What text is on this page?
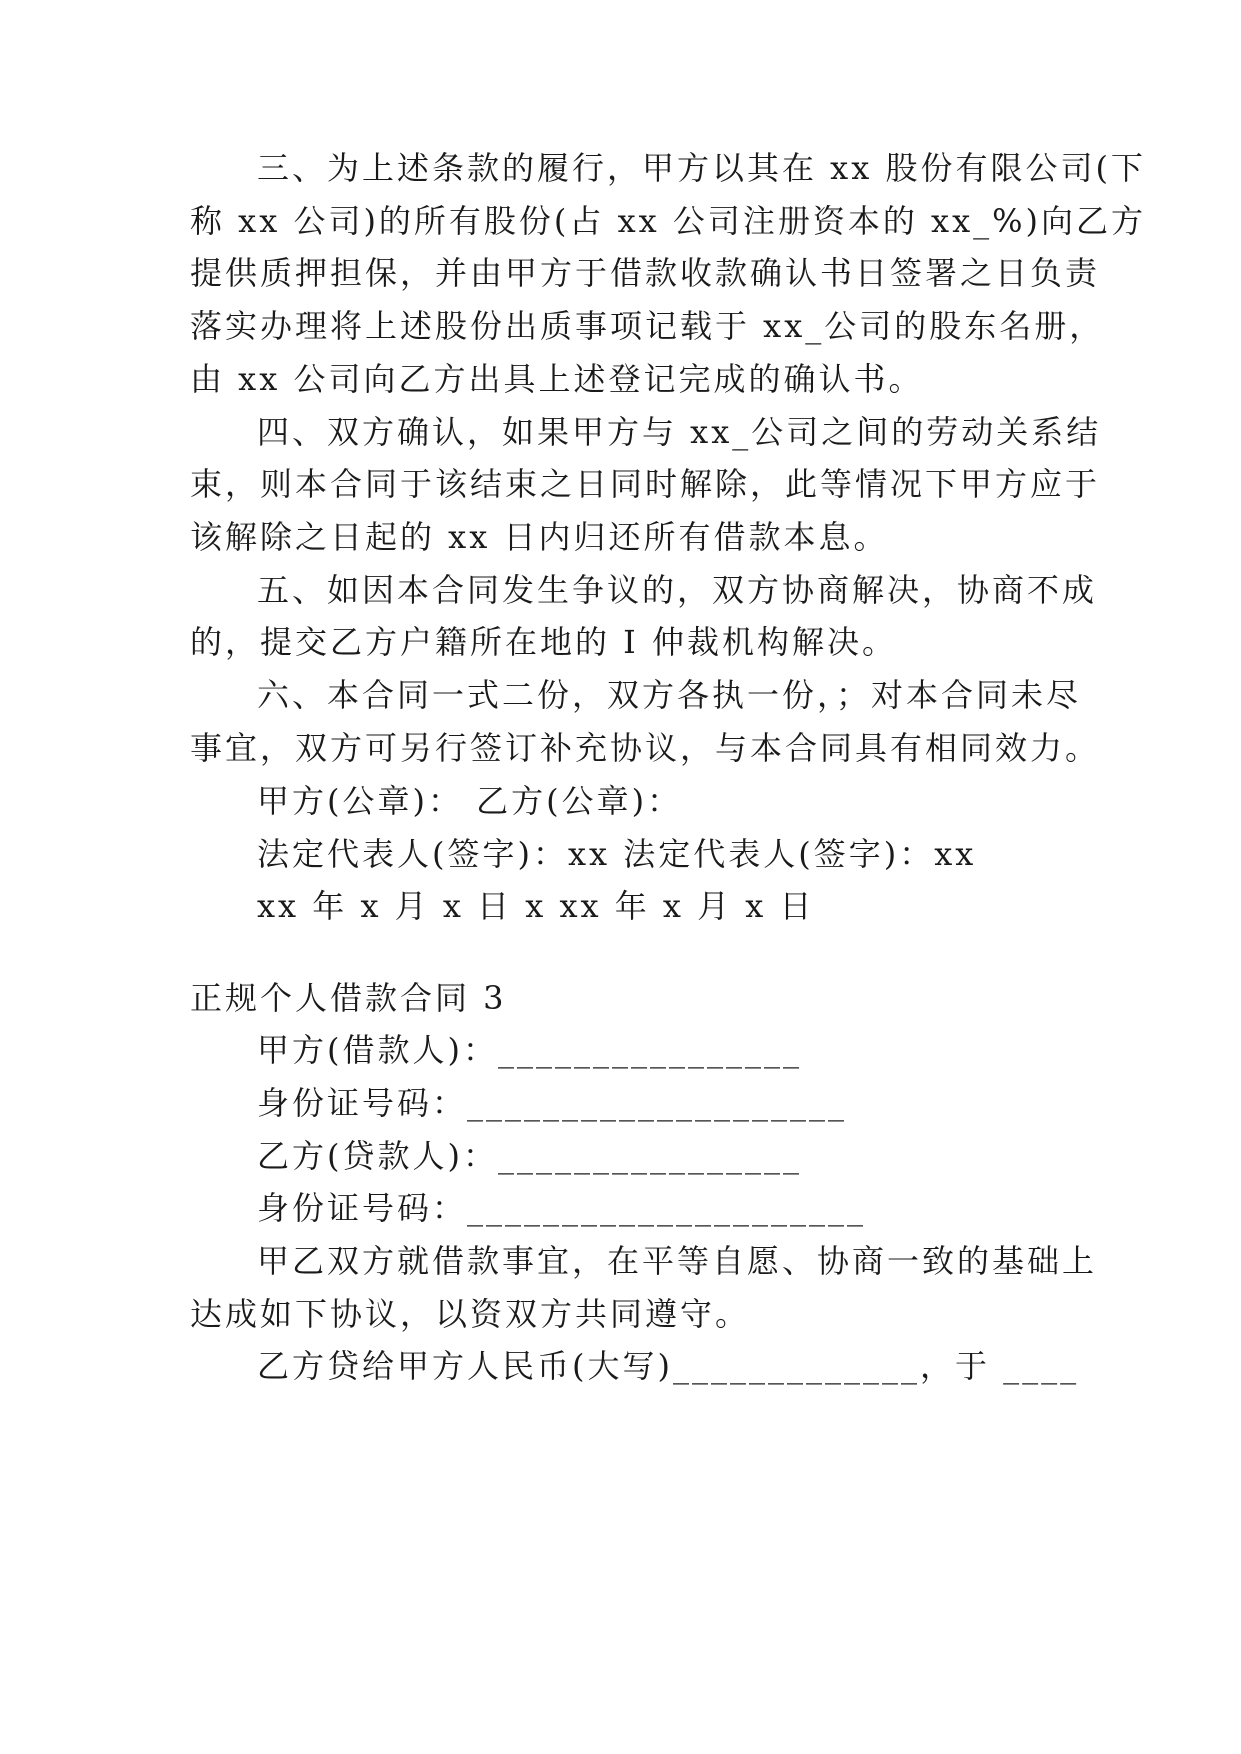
三、为上述条款的履行，甲方以其在 xx 股份有限公司(下
称 xx 公司)的所有股份(占 xx 公司注册资本的 xx_%)向乙方
提供质押担保，并由甲方于借款收款确认书日签署之日负责
落实办理将上述股份出质事项记载于 xx_公司的股东名册，
由 xx 公司向乙方出具上述登记完成的确认书。
四、双方确认，如果甲方与 xx_公司之间的劳动关系结
束，则本合同于该结束之日同时解除，此等情况下甲方应于
该解除之日起的 xx 日内归还所有借款本息。
五、如因本合同发生争议的，双方协商解决，协商不成
的，提交乙方户籍所在地的 I 仲裁机构解决。
六、本合同一式二份，双方各执一份，；对本合同未尽
事宜，双方可另行签订补充协议，与本合同具有相同效力。
甲方(公章)： 乙方(公章)：
法定代表人(签字)：xx 法定代表人(签字)：xx
xx 年 x 月 x 日 x xx 年 x 月 x 日
正规个人借款合同 3
甲方(借款人)：________________
身份证号码：____________________
乙方(贷款人)：________________
身份证号码：_____________________
甲乙双方就借款事宜，在平等自愿、协商一致的基础上
达成如下协议，以资双方共同遵守。
乙方贷给甲方人民币(大写)_____________，于 ____
